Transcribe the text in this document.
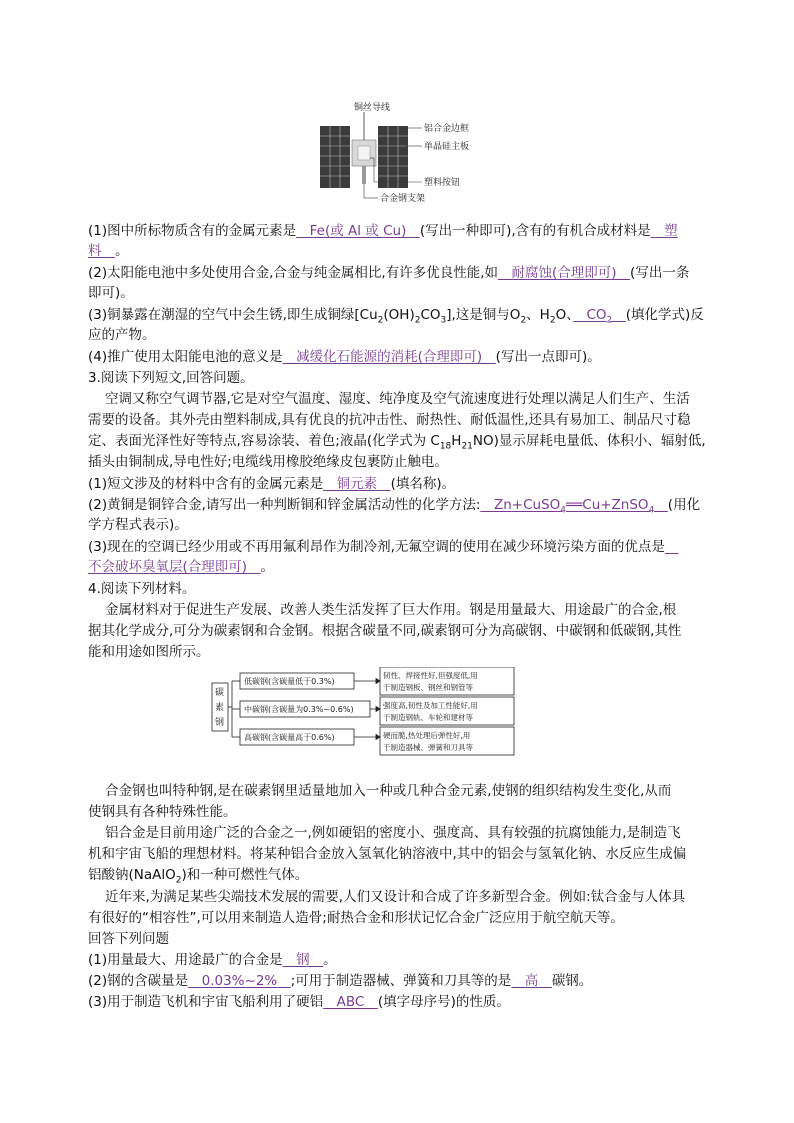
铜丝导线
铝合金边框
单晶硅主板
塑料按钮
合金钢支架
(1)图中所标物质含有的金属元素是　Fe(或 Al 或 Cu)　(写出一种即可),含有的有机合成材料是　塑
料　。
(2)太阳能电池中多处使用合金,合金与纯金属相比,有许多优良性能,如　耐腐蚀(合理即可)　(写出一条
即可)。
(3)铜暴露在潮湿的空气中会生锈,即生成铜绿$[Cu_2(OH)_2CO_3]$,这是铜与$O_2$、$H_2O$、　$CO_2$　 (填化学式)反
应的产物。
(4)推广使用太阳能电池的意义是　减缓化石能源的消耗(合理即可)　(写出一点即可)。
3.阅读下列短文,回答问题。
空调又称空气调节器,它是对空气温度、湿度、纯净度及空气流速度进行处理以满足人们生产、生活
需要的设备。其外壳由塑料制成,具有优良的抗冲击性、耐热性、耐低温性,还具有易加工、制品尺寸稳
定、表面光泽性好等特点,容易涂装、着色;液晶(化学式为 $C_{18}H_{21}NO$)显示屏耗电量低、体积小、辐射低,
插头由铜制成,导电性好;电缆线用橡胶绝缘皮包裹防止触电。
(1)短文涉及的材料中含有的金属元素是　铜元素　(填名称)。
(2)黄铜是铜锌合金,请写出一种判断铜和锌金属活动性的化学方法:　Zn+CuSO$_4$══Cu+ZnSO$_4$　 (用化
学方程式表示)。
(3)现在的空调已经少用或不再用氟利昂作为制冷剂,无氟空调的使用在减少环境污染方面的优点是　
不会破坏臭氧层(合理即可)　。
4.阅读下列材料。
金属材料对于促进生产发展、改善人类生活发挥了巨大作用。钢是用量最大、用途最广的合金,根
据其化学成分,可分为碳素钢和合金钢。根据含碳量不同,碳素钢可分为高碳钢、中碳钢和低碳钢,其性
能和用途如图所示。
碳
素
钢
低碳钢(含碳量低于0.3%)
中碳钢(含碳量为0.3%~0.6%)
高碳钢(含碳量高于0.6%)
韧性、焊接性好,但强度低,用
于制造钢板、钢丝和钢管等
强度高,韧性及加工性能好,用
于制造钢轨、车轮和建材等
硬而脆,热处理后弹性好,用
于制造器械、弹簧和刀具等
合金钢也叫特种钢,是在碳素钢里适量地加入一种或几种合金元素,使钢的组织结构发生变化,从而
使钢具有各种特殊性能。
铝合金是目前用途广泛的合金之一,例如硬铝的密度小、强度高、具有较强的抗腐蚀能力,是制造飞
机和宇宙飞船的理想材料。将某种铝合金放入氢氧化钠溶液中,其中的铝会与氢氧化钠、水反应生成偏
铝酸钠(NaAlO$_2$)和一种可燃性气体。
近年来,为满足某些尖端技术发展的需要,人们又设计和合成了许多新型合金。例如:钛合金与人体具
有很好的“相容性”,可以用来制造人造骨;耐热合金和形状记忆合金广泛应用于航空航天等。
回答下列问题
(1)用量最大、用途最广的合金是　钢　。
(2)钢的含碳量是　0.03%~2%　;可用于制造器械、弹簧和刀具等的是　高　碳钢。
(3)用于制造飞机和宇宙飞船利用了硬铝　ABC　(填字母序号)的性质。
